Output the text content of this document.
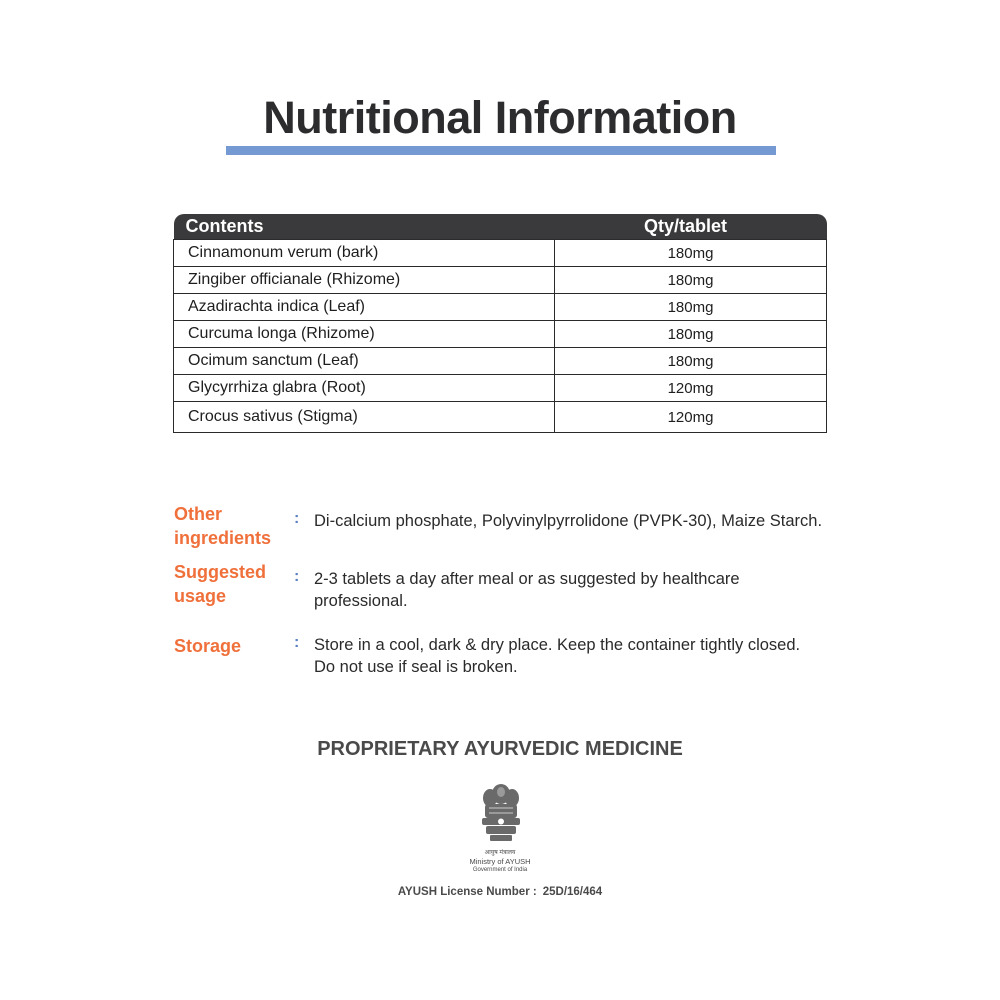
Nutritional Information
Contents	Qty/tablet
Cinnamonum verum (bark)	180mg
Zingiber officianale (Rhizome)	180mg
Azadirachta indica (Leaf)	180mg
Curcuma longa (Rhizome)	180mg
Ocimum sanctum (Leaf)	180mg
Glycyrrhiza glabra (Root)	120mg
Crocus sativus (Stigma)	120mg
Other
ingredients
: Di-calcium phosphate, Polyvinylpyrrolidone (PVPK-30), Maize Starch.
Suggested
usage
: 2-3 tablets a day after meal or as suggested by healthcare professional.
Storage	: Store in a cool, dark & dry place. Keep the container tightly closed. Do not use if seal is broken.
PROPRIETARY AYURVEDIC MEDICINE
आयुष मंत्रालय
Ministry of AYUSH
Government of India
AYUSH License Number : 25D/16/464
